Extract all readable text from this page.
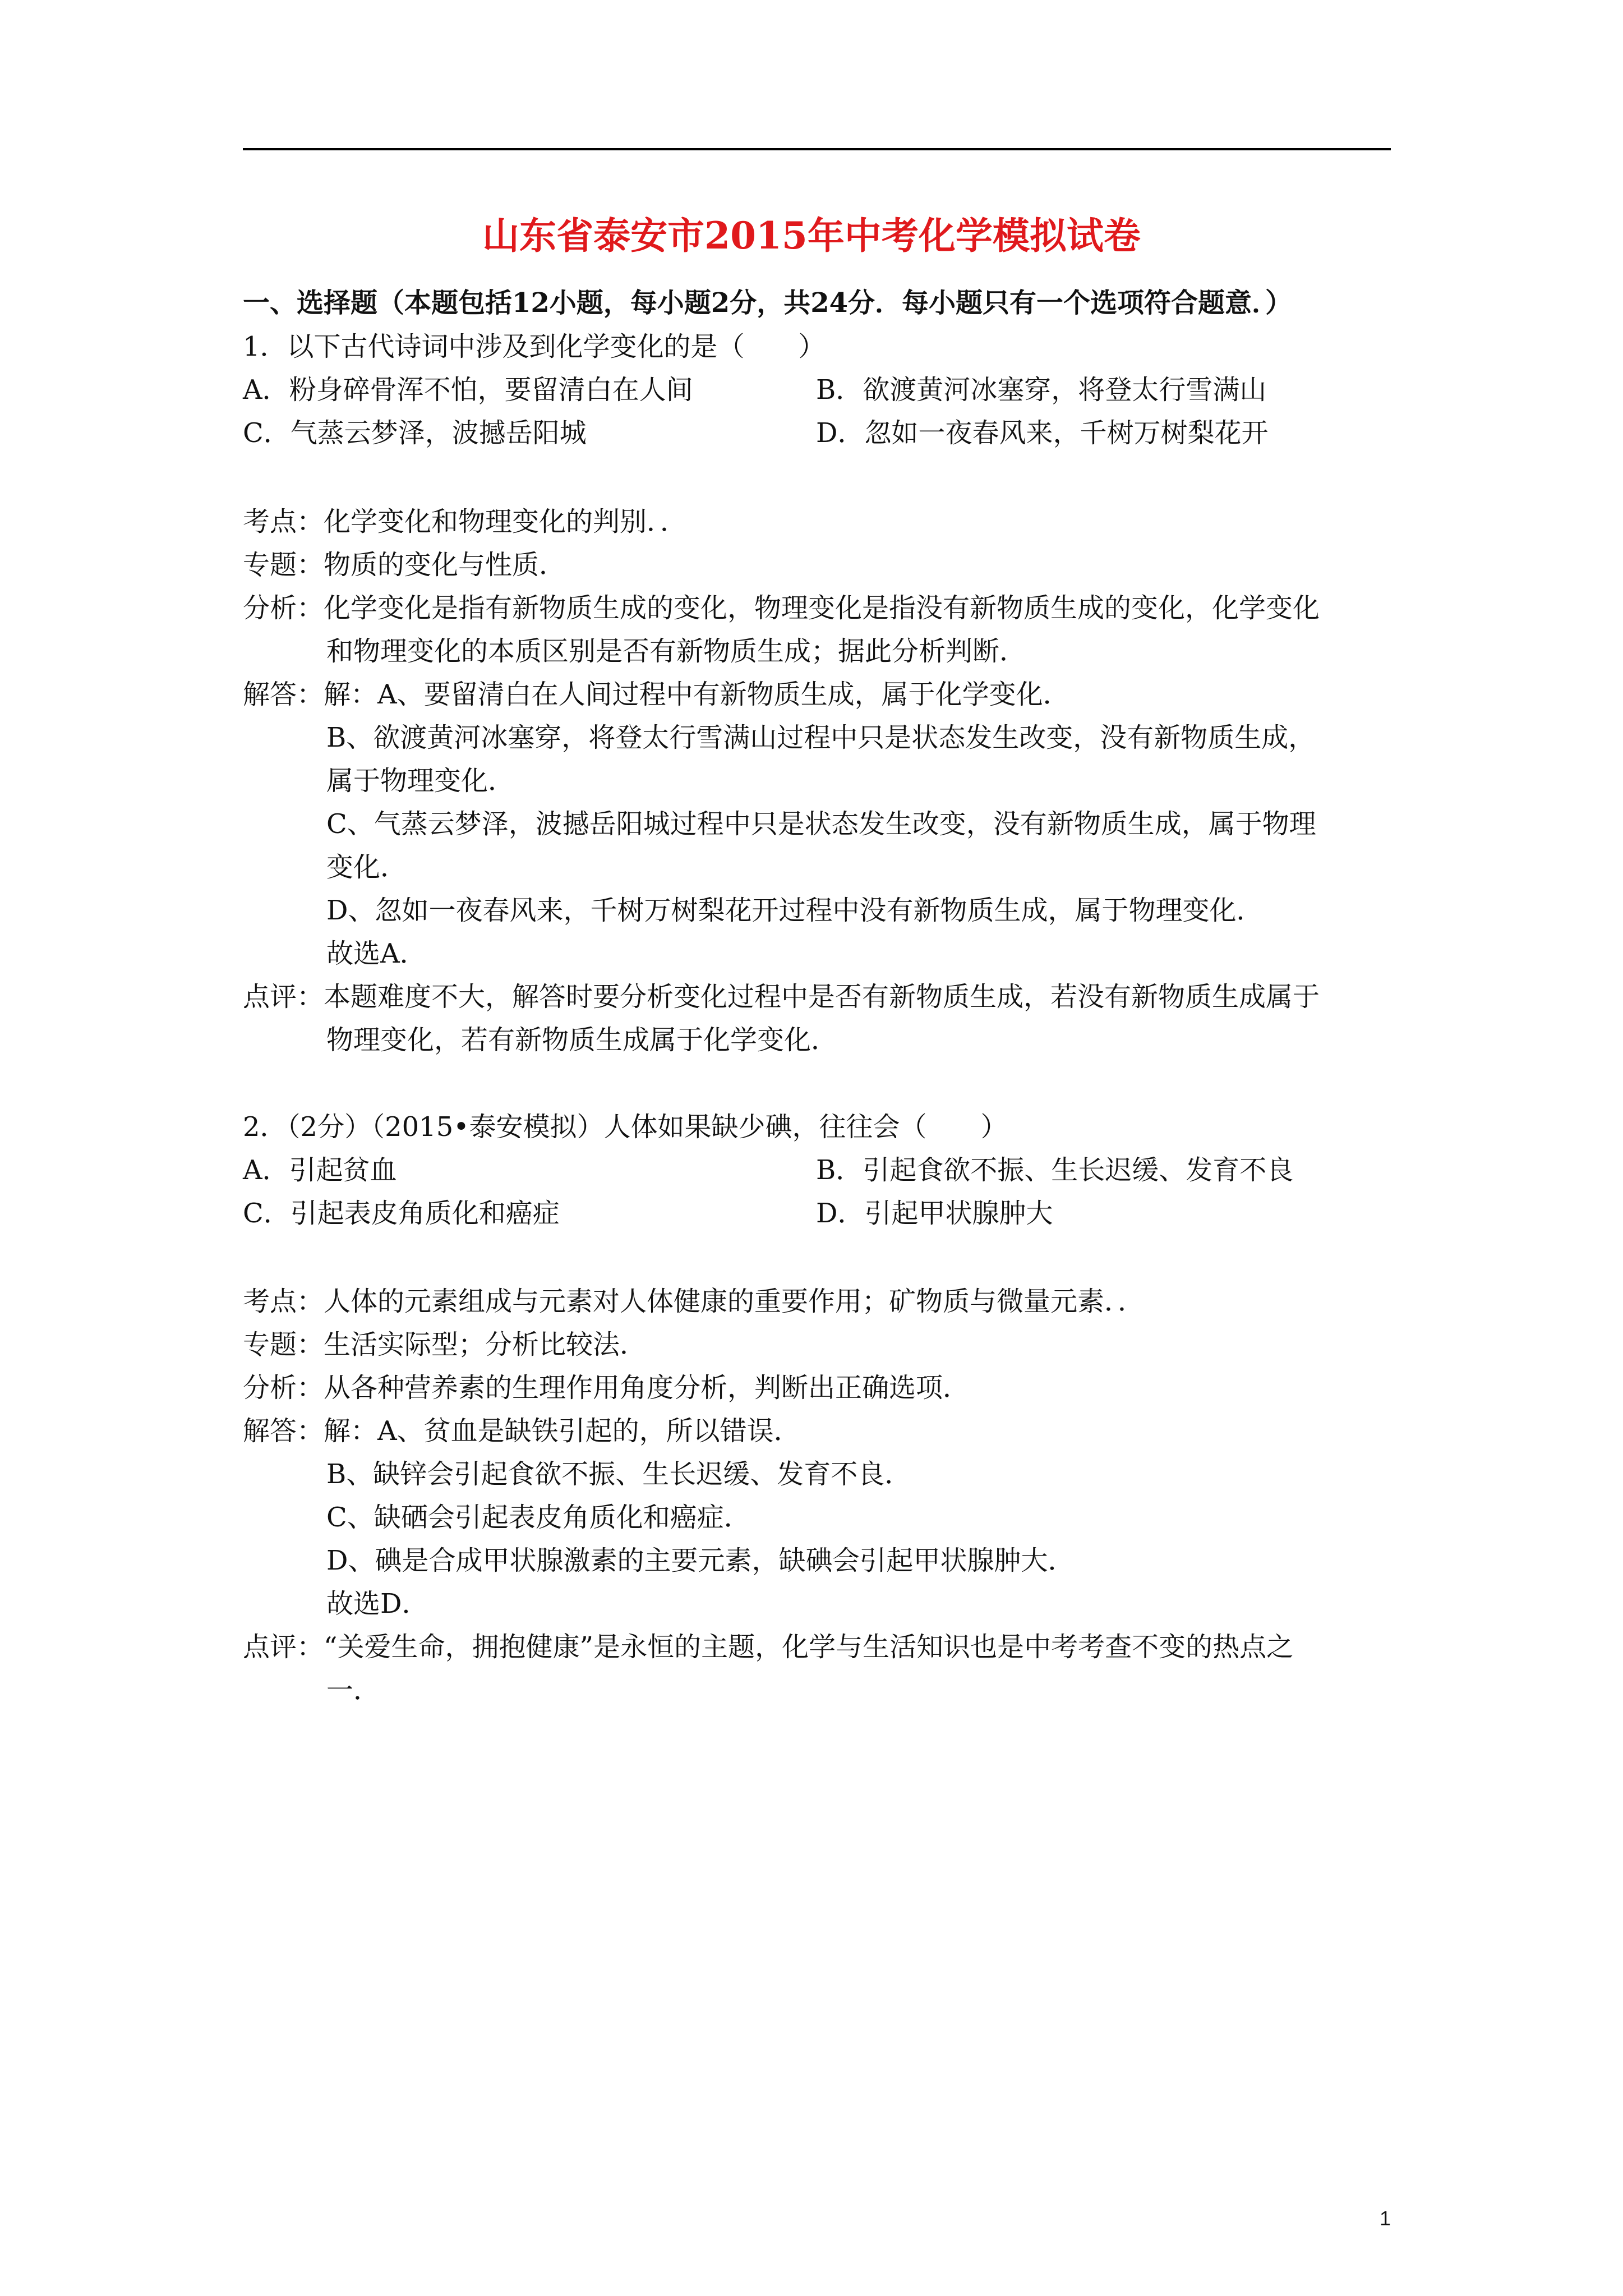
山东省泰安市2015年中考化学模拟试卷
一、选择题（本题包括12小题，每小题2分，共24分．每小题只有一个选项符合题意．）
1．以下古代诗词中涉及到化学变化的是（　　）
A．粉身碎骨浑不怕，要留清白在人间	B．欲渡黄河冰塞穿，将登太行雪满山
C．气蒸云梦泽，波撼岳阳城	D．忽如一夜春风来，千树万树梨花开
考点：化学变化和物理变化的判别．．
专题：物质的变化与性质．
分析：化学变化是指有新物质生成的变化，物理变化是指没有新物质生成的变化，化学变化
和物理变化的本质区别是否有新物质生成；据此分析判断．
解答：解：A、要留清白在人间过程中有新物质生成，属于化学变化．
B、欲渡黄河冰塞穿，将登太行雪满山过程中只是状态发生改变，没有新物质生成，
属于物理变化．
C、气蒸云梦泽，波撼岳阳城过程中只是状态发生改变，没有新物质生成，属于物理
变化．
D、忽如一夜春风来，千树万树梨花开过程中没有新物质生成，属于物理变化．
故选A．
点评：本题难度不大，解答时要分析变化过程中是否有新物质生成，若没有新物质生成属于
物理变化，若有新物质生成属于化学变化．
2．（2分）（2015•泰安模拟）人体如果缺少碘，往往会（　　）
A．引起贫血	B．引起食欲不振、生长迟缓、发育不良
C．引起表皮角质化和癌症	D．引起甲状腺肿大
考点：人体的元素组成与元素对人体健康的重要作用；矿物质与微量元素．．
专题：生活实际型；分析比较法．
分析：从各种营养素的生理作用角度分析，判断出正确选项．
解答：解：A、贫血是缺铁引起的，所以错误．
B、缺锌会引起食欲不振、生长迟缓、发育不良．
C、缺硒会引起表皮角质化和癌症．
D、碘是合成甲状腺激素的主要元素，缺碘会引起甲状腺肿大．
故选D．
点评：“关爱生命，拥抱健康”是永恒的主题，化学与生活知识也是中考考查不变的热点之
一．
1
